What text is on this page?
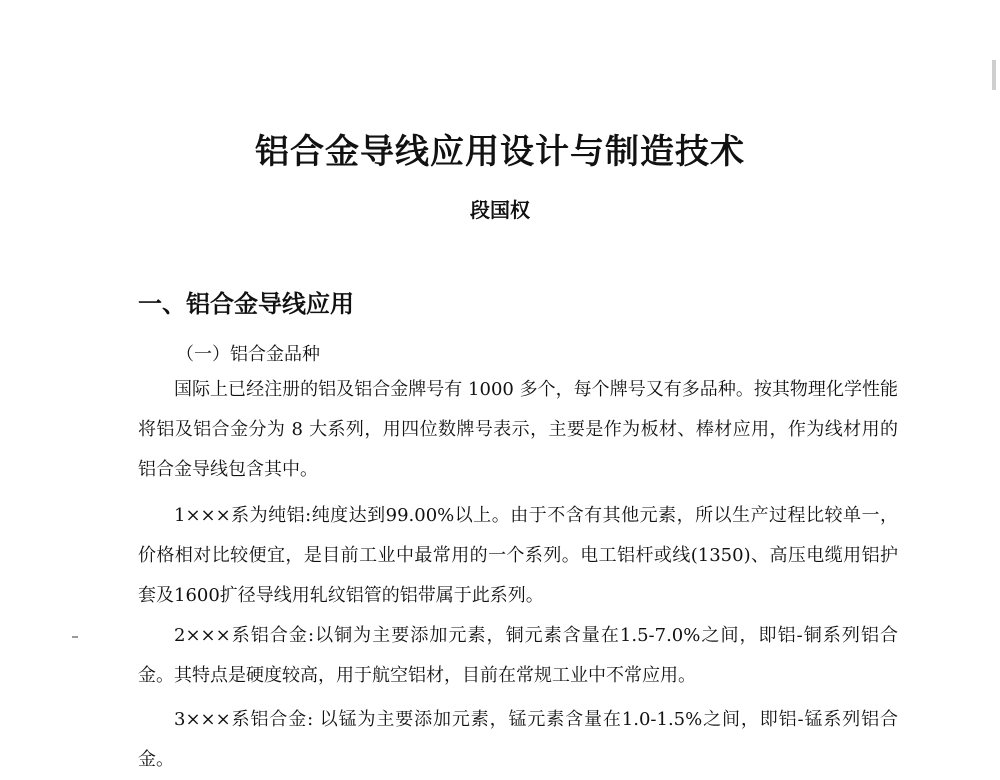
铝合金导线应用设计与制造技术
段国权
一、铝合金导线应用
（一）铝合金品种

国际上已经注册的铝及铝合金牌号有 1000 多个，每个牌号又有多品种。按其物理化学性能将铝及铝合金分为 8 大系列，用四位数牌号表示，主要是作为板材、棒材应用，作为线材用的铝合金导线包含其中。

1×××系为纯铝:纯度达到99.00%以上。由于不含有其他元素，所以生产过程比较单一，价格相对比较便宜，是目前工业中最常用的一个系列。电工铝杆或线(1350)、高压电缆用铝护套及1600扩径导线用轧纹铝管的铝带属于此系列。

2×××系铝合金:以铜为主要添加元素，铜元素含量在1.5-7.0%之间，即铝-铜系列铝合金。其特点是硬度较高，用于航空铝材，目前在常规工业中不常应用。

3×××系铝合金: 以锰为主要添加元素，锰元素含量在1.0-1.5%之间，即铝-锰系列铝合金。
